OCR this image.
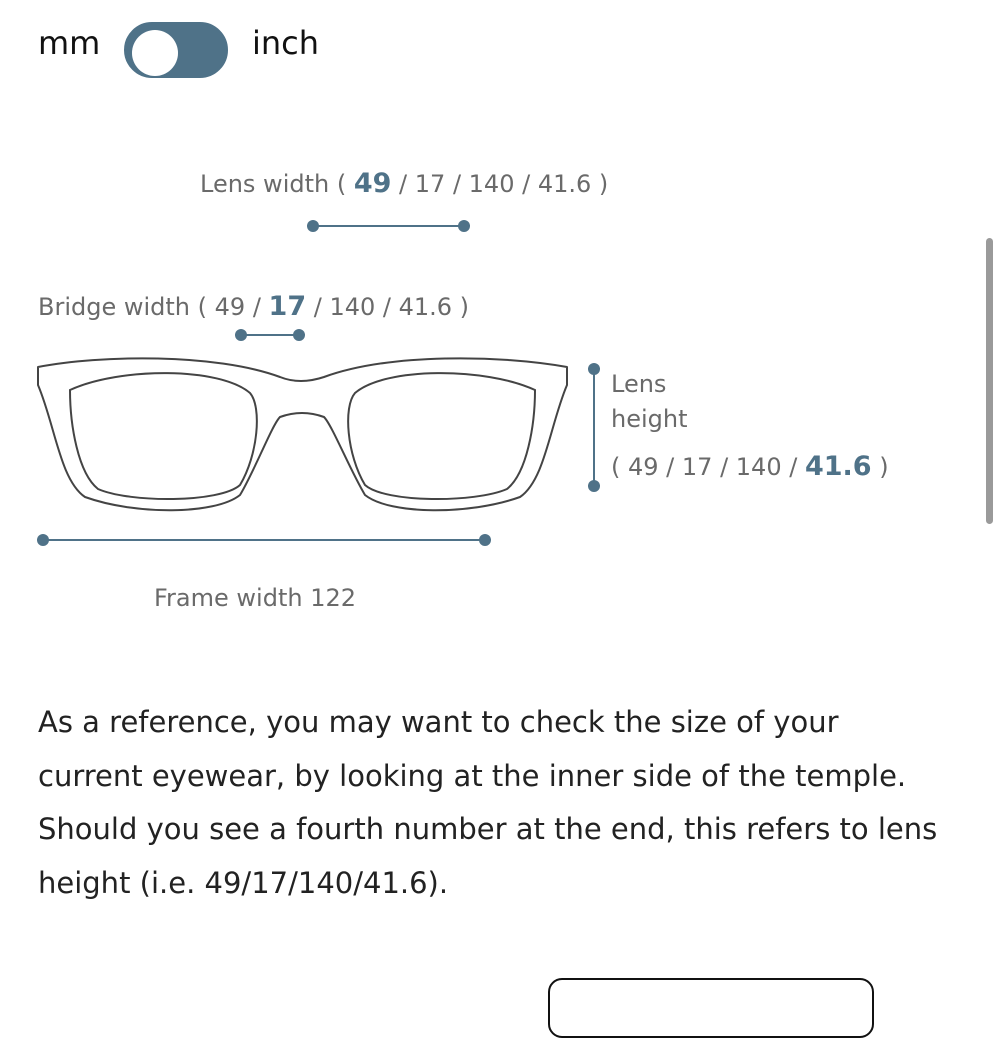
mm	inch
Lens width ( 49 / 17 / 140 / 41.6 )
Bridge width ( 49 / 17 / 140 / 41.6 )
Lens
height
( 49 / 17 / 140 / 41.6 )
Frame width 122

As a reference, you may want to check the size of your current eyewear, by looking at the inner side of the temple. Should you see a fourth number at the end, this refers to lens height (i.e. 49/17/140/41.6).
